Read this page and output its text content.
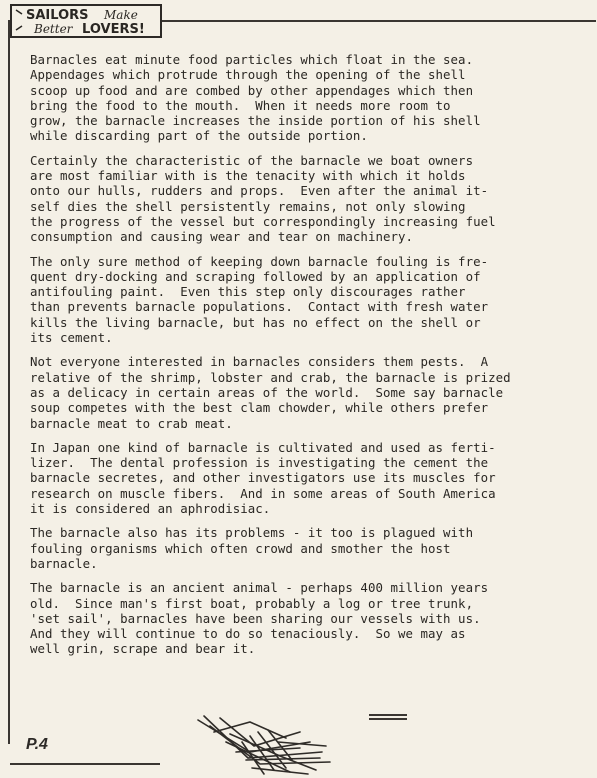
SAILORS Make
Better LOVERS!

Barnacles eat minute food particles which float in the sea.
Appendages which protrude through the opening of the shell
scoop up food and are combed by other appendages which then
bring the food to the mouth.  When it needs more room to
grow, the barnacle increases the inside portion of his shell
while discarding part of the outside portion.

Certainly the characteristic of the barnacle we boat owners
are most familiar with is the tenacity with which it holds
onto our hulls, rudders and props.  Even after the animal it-
self dies the shell persistently remains, not only slowing
the progress of the vessel but correspondingly increasing fuel
consumption and causing wear and tear on machinery.

The only sure method of keeping down barnacle fouling is fre-
quent dry-docking and scraping followed by an application of
antifouling paint.  Even this step only discourages rather
than prevents barnacle populations.  Contact with fresh water
kills the living barnacle, but has no effect on the shell or
its cement.

Not everyone interested in barnacles considers them pests.  A
relative of the shrimp, lobster and crab, the barnacle is prized
as a delicacy in certain areas of the world.  Some say barnacle
soup competes with the best clam chowder, while others prefer
barnacle meat to crab meat.

In Japan one kind of barnacle is cultivated and used as ferti-
lizer.  The dental profession is investigating the cement the
barnacle secretes, and other investigators use its muscles for
research on muscle fibers.  And in some areas of South America
it is considered an aphrodisiac.

The barnacle also has its problems - it too is plagued with
fouling organisms which often crowd and smother the host
barnacle.

The barnacle is an ancient animal - perhaps 400 million years
old.  Since man's first boat, probably a log or tree trunk,
'set sail', barnacles have been sharing our vessels with us.
And they will continue to do so tenaciously.  So we may as
well grin, scrape and bear it.

P.4
